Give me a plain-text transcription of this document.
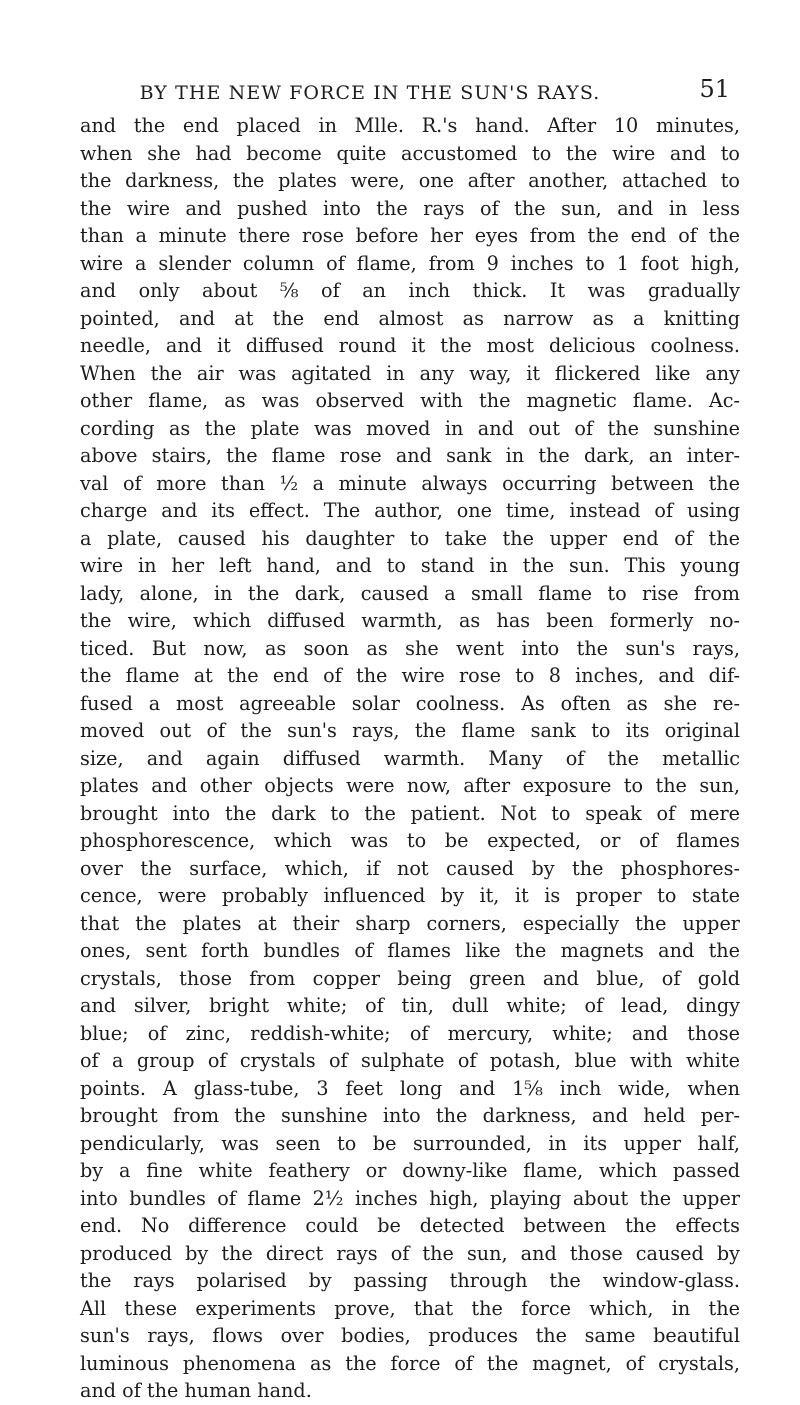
BY THE NEW FORCE IN THE SUN'S RAYS.	51
and the end placed in Mlle. R.'s hand. After 10 minutes,
when she had become quite accustomed to the wire and to
the darkness, the plates were, one after another, attached to
the wire and pushed into the rays of the sun, and in less
than a minute there rose before her eyes from the end of the
wire a slender column of flame, from 9 inches to 1 foot high,
and only about ⅝ of an inch thick. It was gradually
pointed, and at the end almost as narrow as a knitting
needle, and it diffused round it the most delicious coolness.
When the air was agitated in any way, it flickered like any
other flame, as was observed with the magnetic flame. Ac-
cording as the plate was moved in and out of the sunshine
above stairs, the flame rose and sank in the dark, an inter-
val of more than ½ a minute always occurring between the
charge and its effect. The author, one time, instead of using
a plate, caused his daughter to take the upper end of the
wire in her left hand, and to stand in the sun. This young
lady, alone, in the dark, caused a small flame to rise from
the wire, which diffused warmth, as has been formerly no-
ticed. But now, as soon as she went into the sun's rays,
the flame at the end of the wire rose to 8 inches, and dif-
fused a most agreeable solar coolness. As often as she re-
moved out of the sun's rays, the flame sank to its original
size, and again diffused warmth. Many of the metallic
plates and other objects were now, after exposure to the sun,
brought into the dark to the patient. Not to speak of mere
phosphorescence, which was to be expected, or of flames
over the surface, which, if not caused by the phosphores-
cence, were probably influenced by it, it is proper to state
that the plates at their sharp corners, especially the upper
ones, sent forth bundles of flames like the magnets and the
crystals, those from copper being green and blue, of gold
and silver, bright white; of tin, dull white; of lead, dingy
blue; of zinc, reddish-white; of mercury, white; and those
of a group of crystals of sulphate of potash, blue with white
points. A glass-tube, 3 feet long and 1⅝ inch wide, when
brought from the sunshine into the darkness, and held per-
pendicularly, was seen to be surrounded, in its upper half,
by a fine white feathery or downy-like flame, which passed
into bundles of flame 2½ inches high, playing about the upper
end. No difference could be detected between the effects
produced by the direct rays of the sun, and those caused by
the rays polarised by passing through the window-glass.
All these experiments prove, that the force which, in the
sun's rays, flows over bodies, produces the same beautiful
luminous phenomena as the force of the magnet, of crystals,
and of the human hand.
